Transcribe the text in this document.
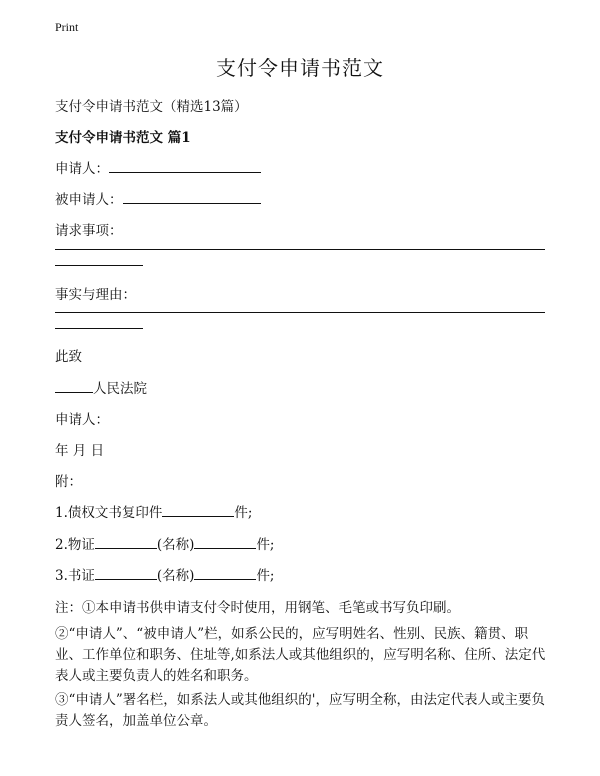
Print
支付令申请书范文
支付令申请书范文（精选13篇）
支付令申请书范文 篇1
申请人：
被申请人：
请求事项：
事实与理由：
此致
人民法院
申请人：
年 月 日
附：
1.债权文书复印件	件;
2.物证	(名称)	件;
3.书证	(名称)	件;
注：①本申请书供申请支付令时使用，用钢笔、毛笔或书写负印刷。
②“申请人”、“被申请人”栏，如系公民的，应写明姓名、性别、民族、籍贯、职业、工作单位和职务、住址等,如系法人或其他组织的，应写明名称、住所、法定代表人或主要负责人的姓名和职务。
③“申请人”署名栏，如系法人或其他组织的'，应写明全称，由法定代表人或主要负责人签名，加盖单位公章。
